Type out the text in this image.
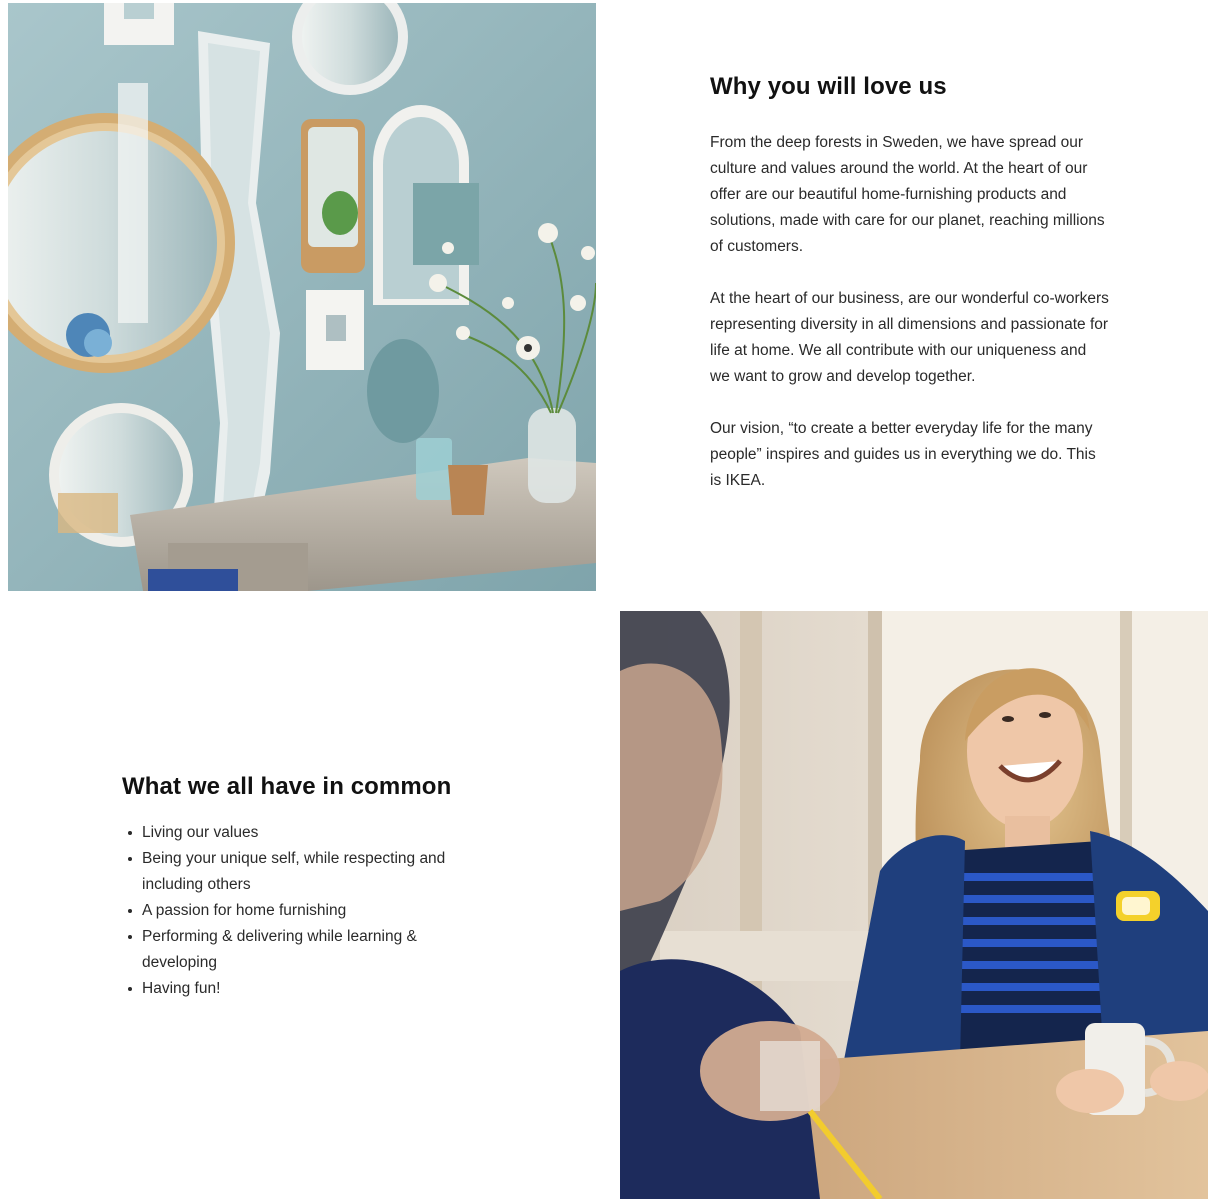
Why you will love us

From the deep forests in Sweden, we have spread our culture and values around the world. At the heart of our offer are our beautiful home-furnishing products and solutions, made with care for our planet, reaching millions of customers.

At the heart of our business, are our wonderful co-workers representing diversity in all dimensions and passionate for life at home. We all contribute with our uniqueness and we want to grow and develop together.

Our vision, “to create a better everyday life for the many people” inspires and guides us in everything we do. This is IKEA.

What we all have in common
Living our values
Being your unique self, while respecting and including others
A passion for home furnishing
Performing & delivering while learning & developing
Having fun!
